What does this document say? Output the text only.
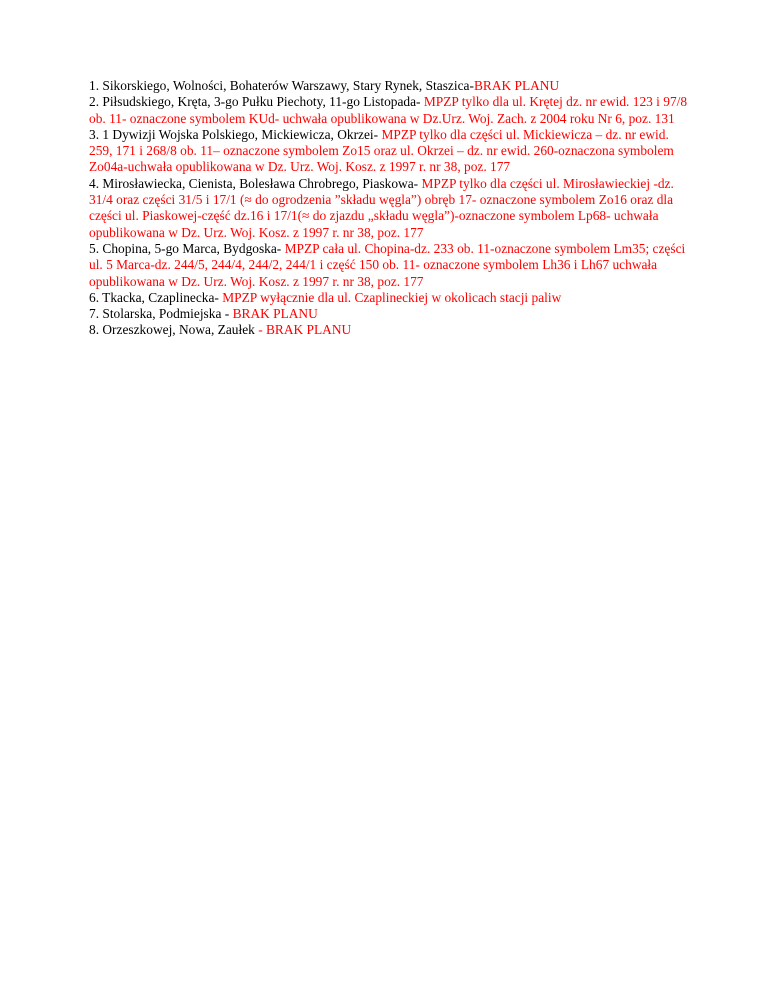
1. Sikorskiego, Wolności, Bohaterów Warszawy, Stary Rynek, Staszica-BRAK PLANU

2. Piłsudskiego, Kręta, 3-go Pułku Piechoty, 11-go Listopada- MPZP tylko dla ul. Krętej dz. nr ewid. 123 i 97/8 ob. 11- oznaczone symbolem KUd- uchwała opublikowana w Dz.Urz. Woj. Zach. z 2004 roku Nr 6, poz. 131

3. 1 Dywizji Wojska Polskiego, Mickiewicza, Okrzei- MPZP tylko dla części ul. Mickiewicza – dz. nr ewid. 259, 171 i 268/8 ob. 11– oznaczone symbolem Zo15 oraz ul. Okrzei – dz. nr ewid. 260-oznaczona symbolem Zo04a-uchwała opublikowana w Dz. Urz. Woj. Kosz. z 1997 r. nr 38, poz. 177

4. Mirosławiecka, Cienista, Bolesława Chrobrego, Piaskowa- MPZP tylko dla części ul. Mirosławieckiej -dz. 31/4 oraz części 31/5 i 17/1 (≈ do ogrodzenia ”składu węgla”) obręb 17- oznaczone symbolem Zo16 oraz dla części ul. Piaskowej-część dz.16 i 17/1(≈ do zjazdu „składu węgla”)-oznaczone symbolem Lp68- uchwała opublikowana w Dz. Urz. Woj. Kosz. z 1997 r. nr 38, poz. 177

5. Chopina, 5-go Marca, Bydgoska- MPZP cała ul. Chopina-dz. 233 ob. 11-oznaczone symbolem Lm35; części ul. 5 Marca-dz. 244/5, 244/4, 244/2, 244/1 i część 150 ob. 11- oznaczone symbolem Lh36 i Lh67 uchwała opublikowana w Dz. Urz. Woj. Kosz. z 1997 r. nr 38, poz. 177

6. Tkacka, Czaplinecka- MPZP wyłącznie dla ul. Czaplineckiej w okolicach stacji paliw

7. Stolarska, Podmiejska - BRAK PLANU

8. Orzeszkowej, Nowa, Zaułek - BRAK PLANU
